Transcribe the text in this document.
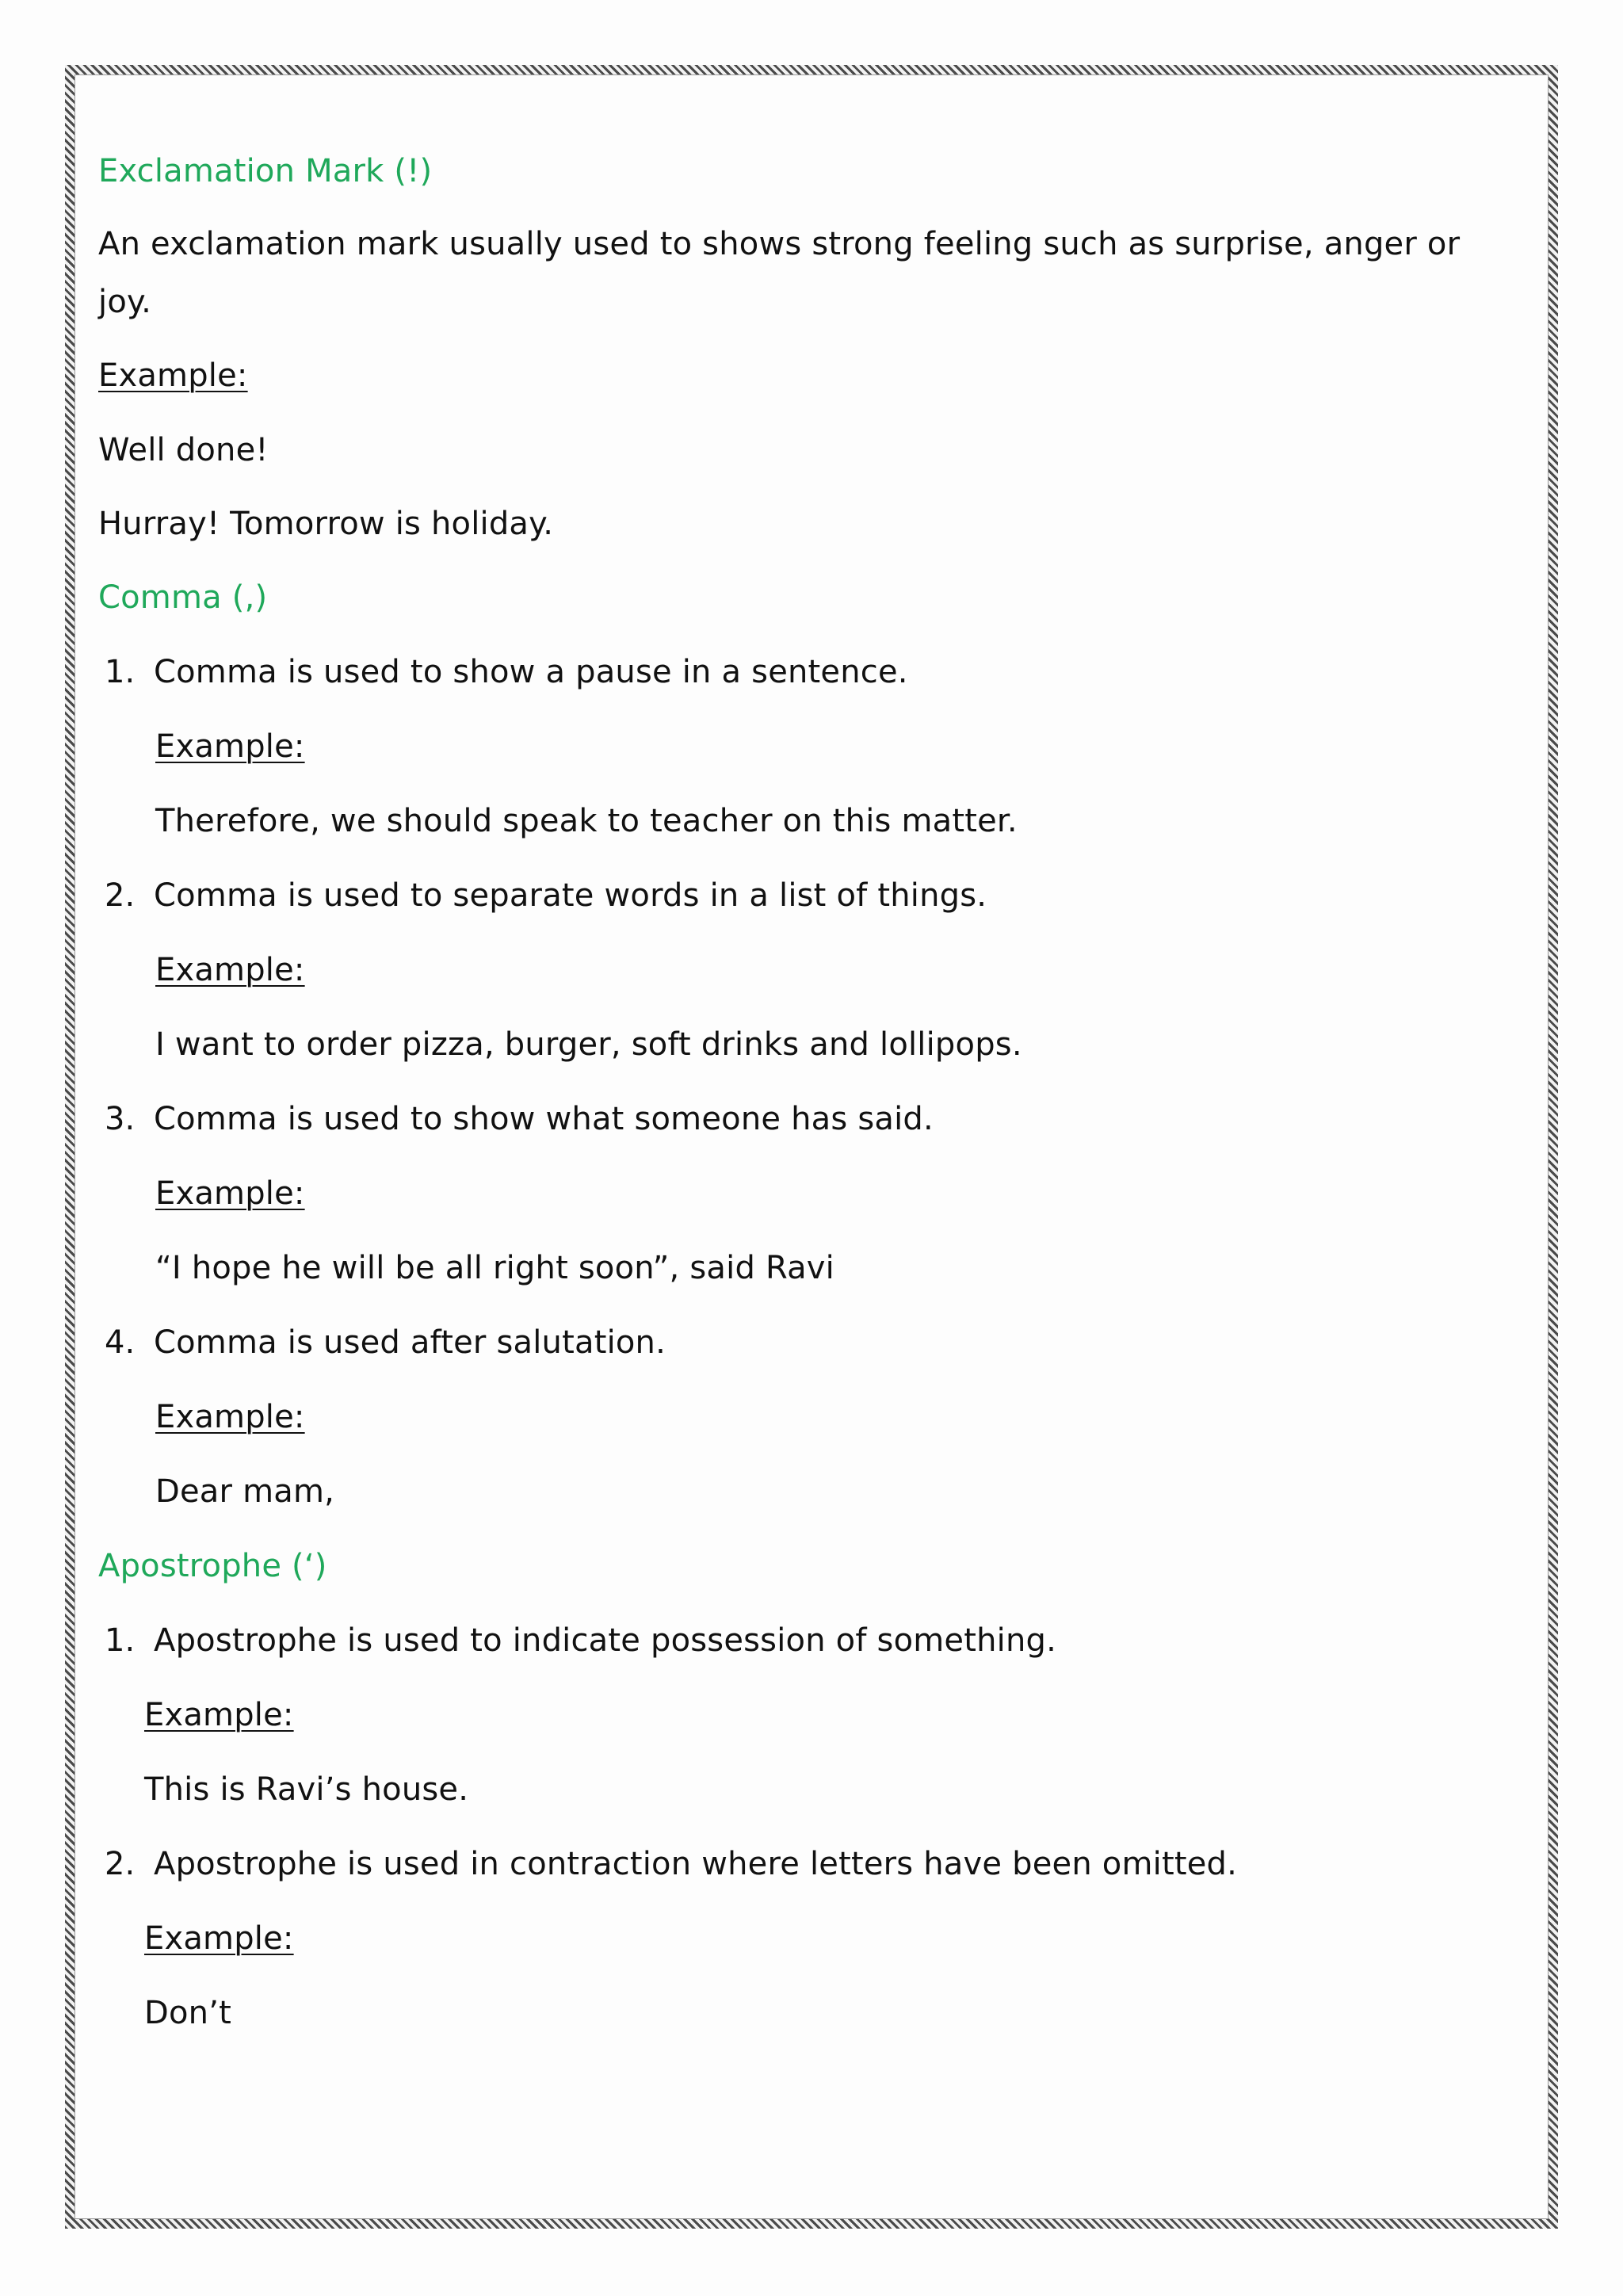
Exclamation Mark (!)
An exclamation mark usually used to shows strong feeling such as surprise, anger or
joy.
Example:
Well done!
Hurray! Tomorrow is holiday.
Comma (,)
1. Comma is used to show a pause in a sentence.
Example:
Therefore, we should speak to teacher on this matter.
2. Comma is used to separate words in a list of things.
Example:
I want to order pizza, burger, soft drinks and lollipops.
3. Comma is used to show what someone has said.
Example:
“I hope he will be all right soon”, said Ravi
4. Comma is used after salutation.
Example:
Dear mam,
Apostrophe (‘)
1. Apostrophe is used to indicate possession of something.
Example:
This is Ravi’s house.
2. Apostrophe is used in contraction where letters have been omitted.
Example:
Don’t
